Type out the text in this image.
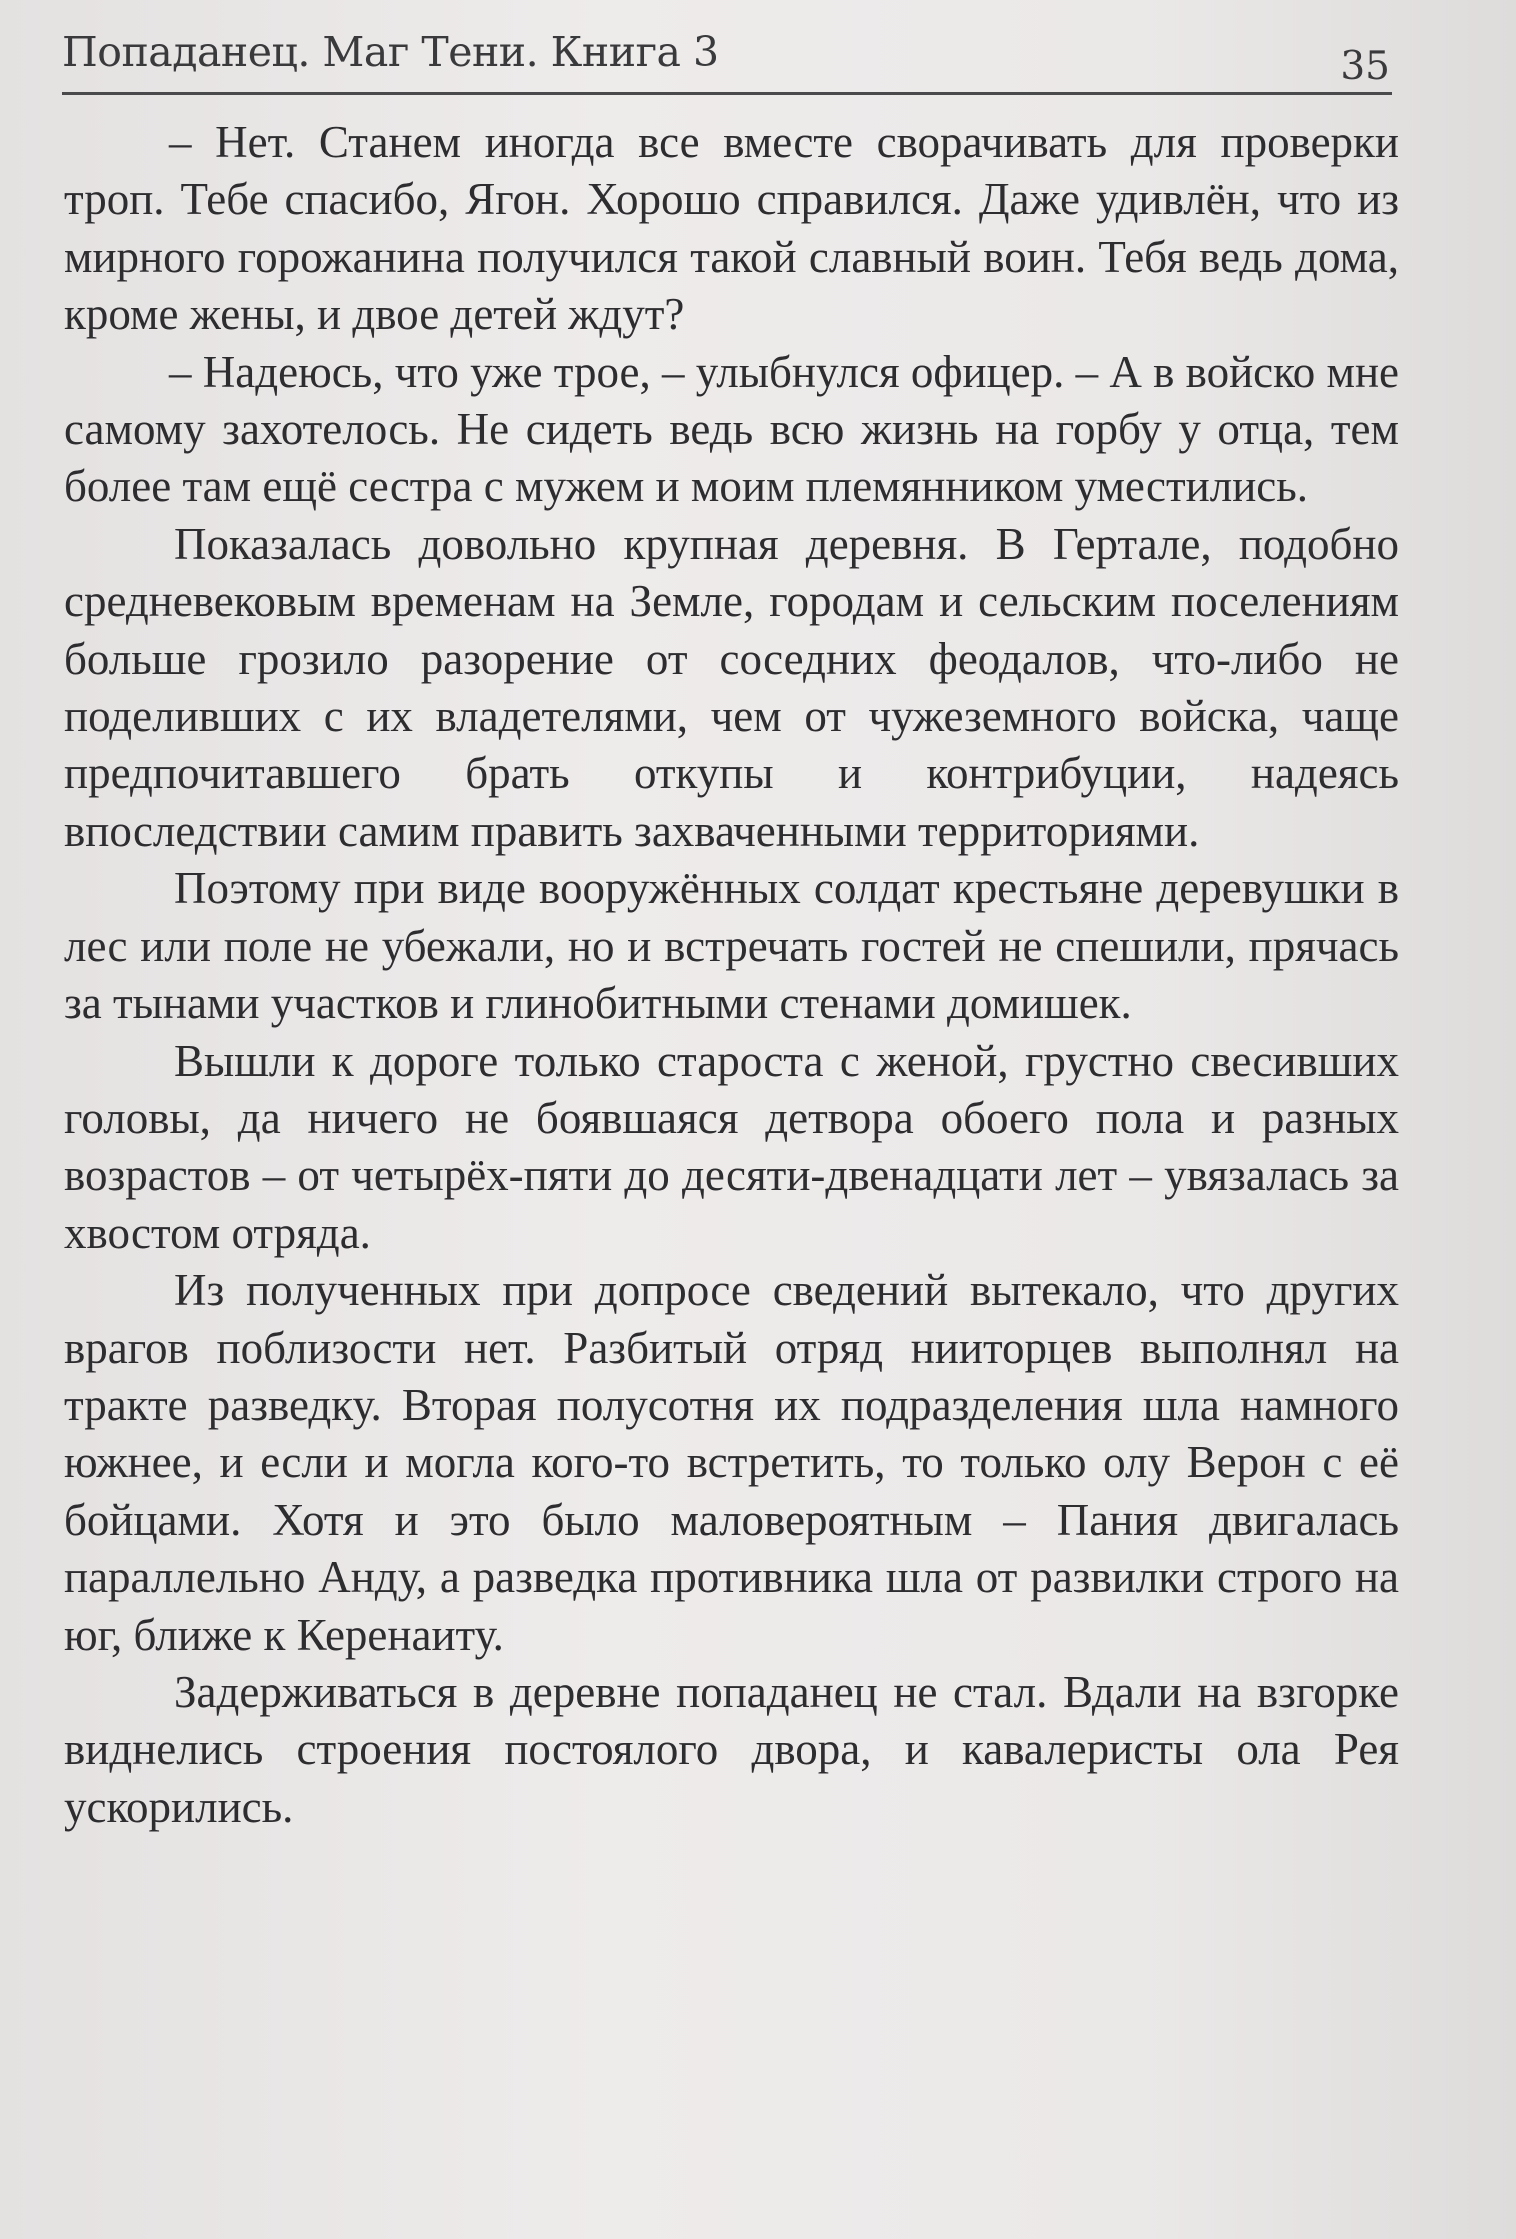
Попаданец. Маг Тени. Книга 3	35

– Нет. Станем иногда все вместе сворачивать для проверки троп. Тебе спасибо, Ягон. Хорошо справился. Даже удивлён, что из мирного горожанина получился такой славный воин. Тебя ведь дома, кроме жены, и двое детей ждут?

– Надеюсь, что уже трое, – улыбнулся офицер. – А в войско мне самому захотелось. Не сидеть ведь всю жизнь на горбу у отца, тем более там ещё сестра с мужем и моим племянником уместились.

Показалась довольно крупная деревня. В Гертале, подобно средневековым временам на Земле, городам и сельским поселениям больше грозило разорение от соседних феодалов, что-либо не поделивших с их владетелями, чем от чужеземного войска, чаще предпочитавшего брать откупы и контрибуции, надеясь впоследствии самим править захваченными территориями.

Поэтому при виде вооружённых солдат крестьяне деревушки в лес или поле не убежали, но и встречать гостей не спешили, прячась за тынами участков и глинобитными стенами домишек.

Вышли к дороге только староста с женой, грустно свесивших головы, да ничего не боявшаяся детвора обоего пола и разных возрастов – от четырёх-пяти до десяти-двенадцати лет – увязалась за хвостом отряда.

Из полученных при допросе сведений вытекало, что других врагов поблизости нет. Разбитый отряд нииторцев выполнял на тракте разведку. Вторая полусотня их подразделения шла намного южнее, и если и могла кого-то встретить, то только олу Верон с её бойцами. Хотя и это было маловероятным – Пания двигалась параллельно Анду, а разведка противника шла от развилки строго на юг, ближе к Керенаиту.

Задерживаться в деревне попаданец не стал. Вдали на взгорке виднелись строения постоялого двора, и кавалеристы ола Рея ускорились.
